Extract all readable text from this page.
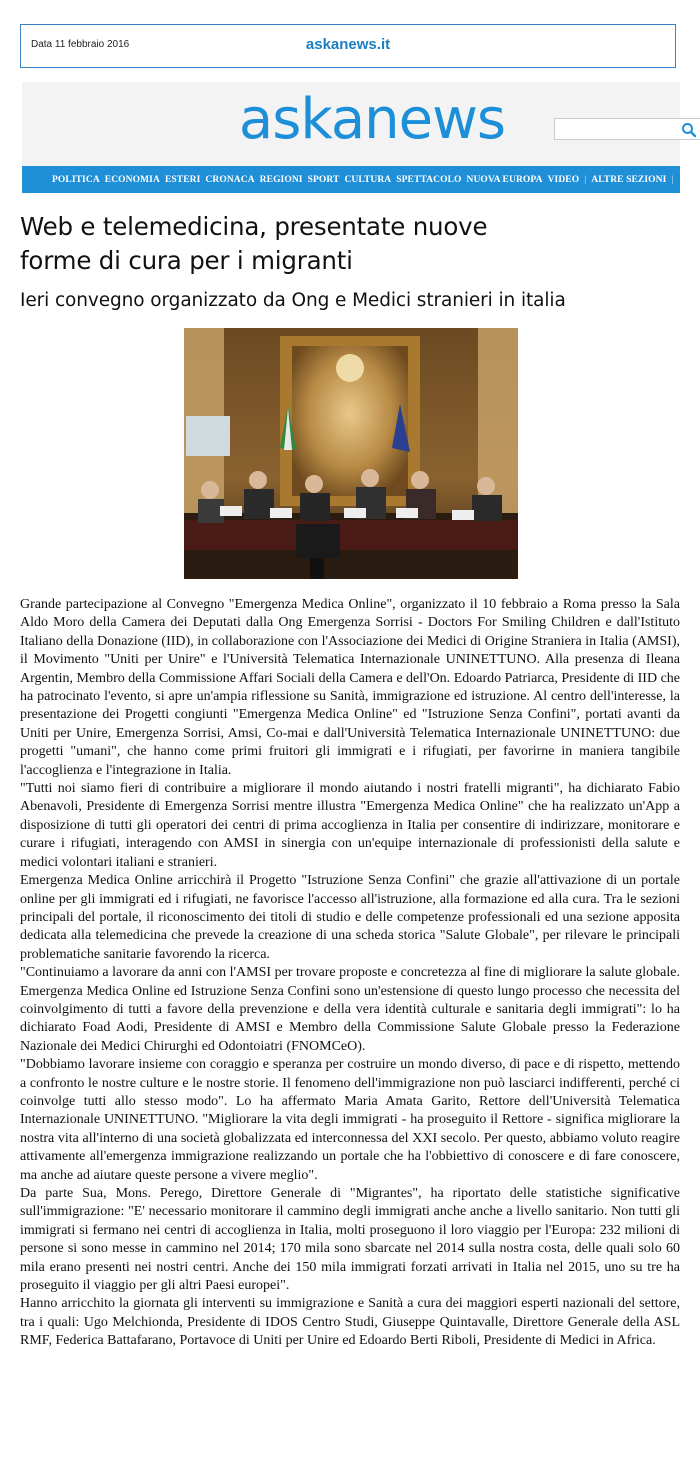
Data 11 febbraio 2016	askanews.it
askanews
POLITICA ECONOMIA ESTERI CRONACA REGIONI SPORT CULTURA SPETTACOLO NUOVA EUROPA VIDEO | ALTRE SEZIONI |
Web e telemedicina, presentate nuove
forme di cura per i migranti
Ieri convegno organizzato da Ong e Medici stranieri in italia

Grande partecipazione al Convegno "Emergenza Medica Online", organizzato il 10 febbraio a Roma presso la Sala Aldo Moro della Camera dei Deputati dalla Ong Emergenza Sorrisi - Doctors For Smiling Children e dall'Istituto Italiano della Donazione (IID), in collaborazione con l'Associazione dei Medici di Origine Straniera in Italia (AMSI), il Movimento "Uniti per Unire" e l'Università Telematica Internazionale UNINETTUNO. Alla presenza di Ileana Argentin, Membro della Commissione Affari Sociali della Camera e dell'On. Edoardo Patriarca, Presidente di IID che ha patrocinato l'evento, si apre un'ampia riflessione su Sanità, immigrazione ed istruzione. Al centro dell'interesse, la presentazione dei Progetti congiunti "Emergenza Medica Online" ed "Istruzione Senza Confini", portati avanti da Uniti per Unire, Emergenza Sorrisi, Amsi, Co-mai e dall'Università Telematica Internazionale UNINETTUNO: due progetti "umani", che hanno come primi fruitori gli immigrati e i rifugiati, per favorirne in maniera tangibile l'accoglienza e l'integrazione in Italia.

"Tutti noi siamo fieri di contribuire a migliorare il mondo aiutando i nostri fratelli migranti", ha dichiarato Fabio Abenavoli, Presidente di Emergenza Sorrisi mentre illustra "Emergenza Medica Online" che ha realizzato un'App a disposizione di tutti gli operatori dei centri di prima accoglienza in Italia per consentire di indirizzare, monitorare e curare i rifugiati, interagendo con AMSI in sinergia con un'equipe internazionale di professionisti della salute e medici volontari italiani e stranieri.

Emergenza Medica Online arricchirà il Progetto "Istruzione Senza Confini" che grazie all'attivazione di un portale online per gli immigrati ed i rifugiati, ne favorisce l'accesso all'istruzione, alla formazione ed alla cura. Tra le sezioni principali del portale, il riconoscimento dei titoli di studio e delle competenze professionali ed una sezione apposita dedicata alla telemedicina che prevede la creazione di una scheda storica "Salute Globale", per rilevare le principali problematiche sanitarie favorendo la ricerca.

"Continuiamo a lavorare da anni con l'AMSI per trovare proposte e concretezza al fine di migliorare la salute globale. Emergenza Medica Online ed Istruzione Senza Confini sono un'estensione di questo lungo processo che necessita del coinvolgimento di tutti a favore della prevenzione e della vera identità culturale e sanitaria degli immigrati": lo ha dichiarato Foad Aodi, Presidente di AMSI e Membro della Commissione Salute Globale presso la Federazione Nazionale dei Medici Chirurghi ed Odontoiatri (FNOMCeO).

"Dobbiamo lavorare insieme con coraggio e speranza per costruire un mondo diverso, di pace e di rispetto, mettendo a confronto le nostre culture e le nostre storie. Il fenomeno dell'immigrazione non può lasciarci indifferenti, perché ci coinvolge tutti allo stesso modo". Lo ha affermato Maria Amata Garito, Rettore dell'Università Telematica Internazionale UNINETTUNO. "Migliorare la vita degli immigrati - ha proseguito il Rettore - significa migliorare la nostra vita all'interno di una società globalizzata ed interconnessa del XXI secolo. Per questo, abbiamo voluto reagire attivamente all'emergenza immigrazione realizzando un portale che ha l'obbiettivo di conoscere e di fare conoscere, ma anche ad aiutare queste persone a vivere meglio".

Da parte Sua, Mons. Perego, Direttore Generale di "Migrantes", ha riportato delle statistiche significative sull'immigrazione: "E' necessario monitorare il cammino degli immigrati anche anche a livello sanitario. Non tutti gli immigrati si fermano nei centri di accoglienza in Italia, molti proseguono il loro viaggio per l'Europa: 232 milioni di persone si sono messe in cammino nel 2014; 170 mila sono sbarcate nel 2014 sulla nostra costa, delle quali solo 60 mila erano presenti nei nostri centri. Anche dei 150 mila immigrati forzati arrivati in Italia nel 2015, uno su tre ha proseguito il viaggio per gli altri Paesi europei".

Hanno arricchito la giornata gli interventi su immigrazione e Sanità a cura dei maggiori esperti nazionali del settore, tra i quali: Ugo Melchionda, Presidente di IDOS Centro Studi, Giuseppe Quintavalle, Direttore Generale della ASL RMF, Federica Battafarano, Portavoce di Uniti per Unire ed Edoardo Berti Riboli, Presidente di Medici in Africa.
